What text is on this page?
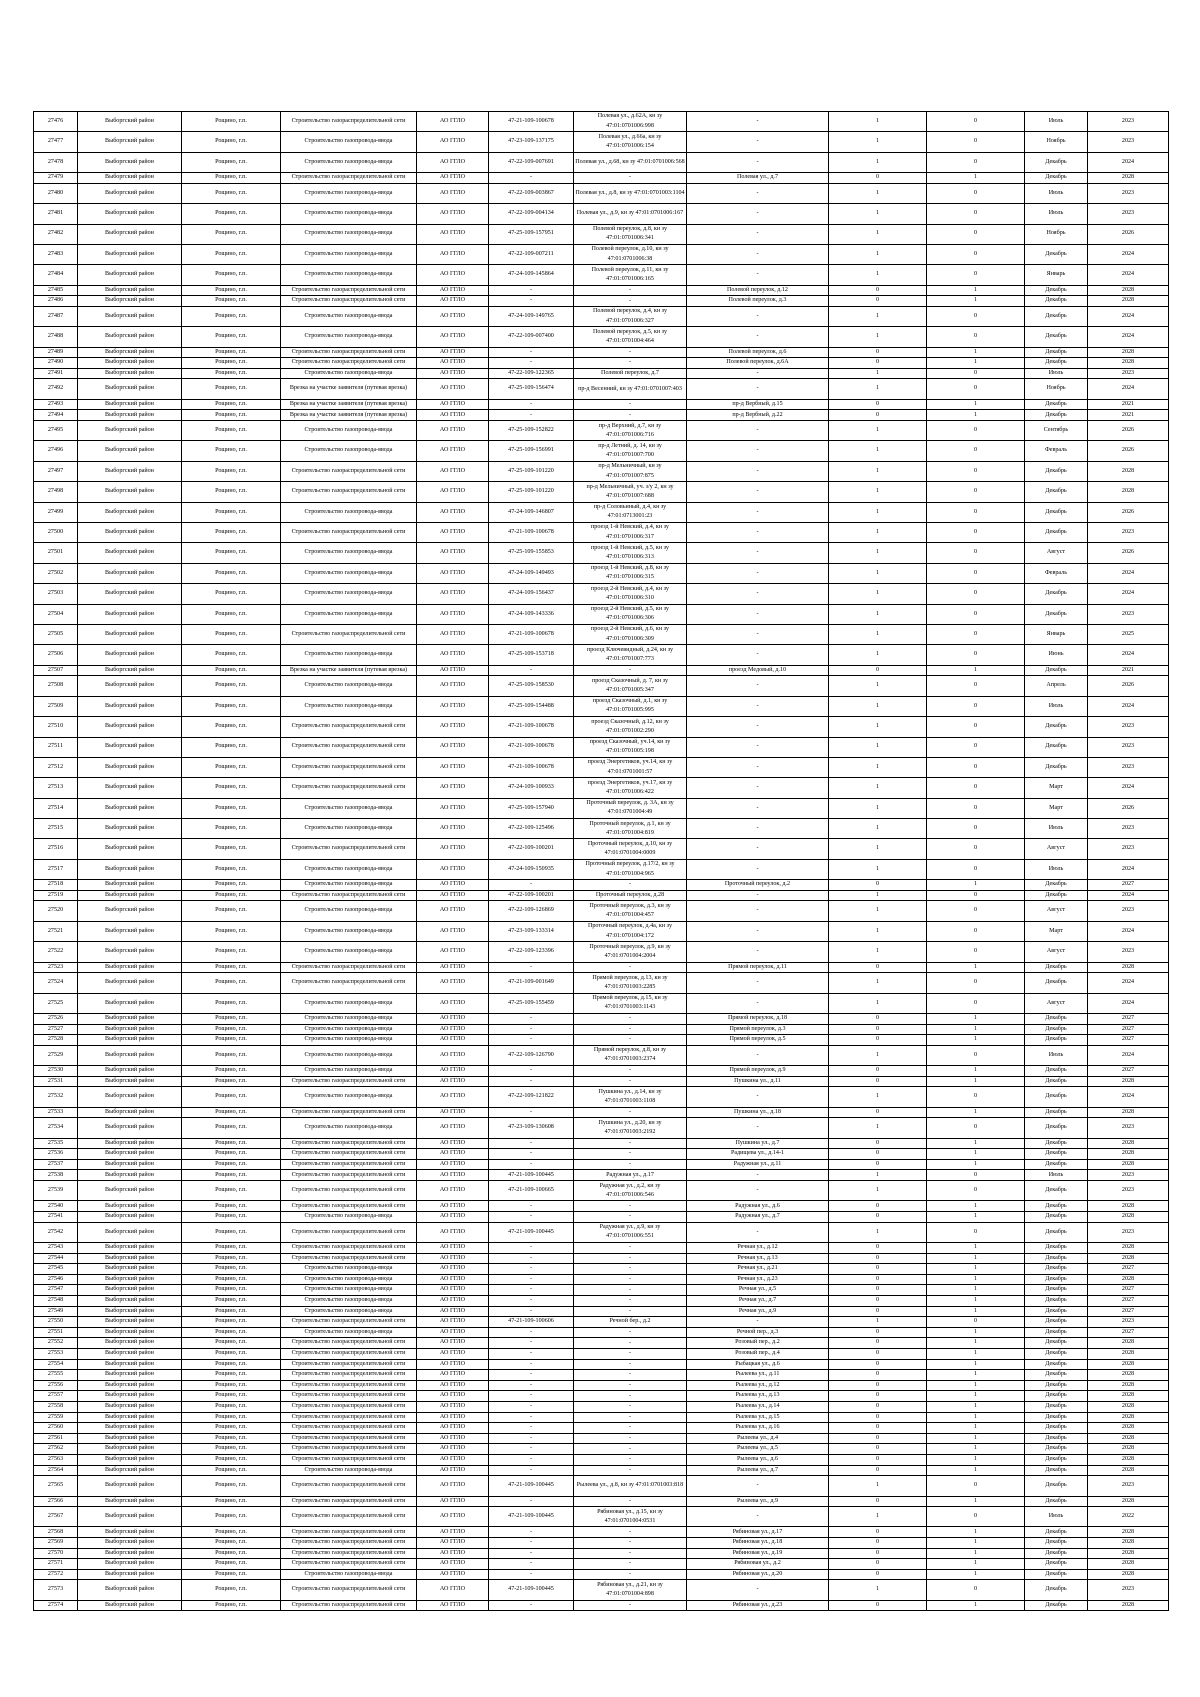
27476	Выборгский район	Рощино, г.п.	Строительство газораспределительной сети	АО ГГЛО	47-21-109-100678	Полевая ул., д.62А, кн зу 47:01:0701006:998	-	1	0	Июль	2023
27477	Выборгский район	Рощино, г.п.	Строительство газопровода-ввода	АО ГГЛО	47-23-109-137175	Полевая ул., д.66а, кн зу 47:01:0701006:154	-	1	0	Ноябрь	2023
27478	Выборгский район	Рощино, г.п.	Строительство газопровода-ввода	АО ГГЛО	47-22-109-007691	Полевая ул., д.68, кн зу 47:01:0701006:568	-	1	0	Декабрь	2024
27479	Выборгский район	Рощино, г.п.	Строительство газораспределительной сети	АО ГГЛО	-	-	Полевая ул., д.7	0	1	Декабрь	2028
27480	Выборгский район	Рощино, г.п.	Строительство газопровода-ввода	АО ГГЛО	47-22-109-003867	Полевая ул., д.8, кн зу 47:01:0701003:1104	-	1	0	Июль	2023
27481	Выборгский район	Рощино, г.п.	Строительство газопровода-ввода	АО ГГЛО	47-22-109-004134	Полевая ул., д.9, кн зу 47:01:0701006:167	-	1	0	Июль	2023
27482	Выборгский район	Рощино, г.п.	Строительство газопровода-ввода	АО ГГЛО	47-25-109-157951	Полевой переулок, д.8, кн зу 47:01:0701006:341	-	1	0	Ноябрь	2026
27483	Выборгский район	Рощино, г.п.	Строительство газопровода-ввода	АО ГГЛО	47-22-109-007211	Полевой переулок, д.10, кн зу 47:01:0701006:38	-	1	0	Декабрь	2024
27484	Выборгский район	Рощино, г.п.	Строительство газопровода-ввода	АО ГГЛО	47-24-109-145864	Полевой переулок, д.11, кн зу 47:01:0701006:165	-	1	0	Январь	2024
27485	Выборгский район	Рощино, г.п.	Строительство газораспределительной сети	АО ГГЛО	-	-	Полевой переулок, д.12	0	1	Декабрь	2028
27486	Выборгский район	Рощино, г.п.	Строительство газораспределительной сети	АО ГГЛО	-	-	Полевой переулок, д.3	0	1	Декабрь	2028
27487	Выборгский район	Рощино, г.п.	Строительство газопровода-ввода	АО ГГЛО	47-24-109-149765	Полевой переулок, д.4, кн зу 47:01:0701006:327	-	1	0	Декабрь	2024
27488	Выборгский район	Рощино, г.п.	Строительство газопровода-ввода	АО ГГЛО	47-22-109-007400	Полевой переулок, д.5, кн зу 47:01:0701004:464	-	1	0	Декабрь	2024
27489	Выборгский район	Рощино, г.п.	Строительство газораспределительной сети	АО ГГЛО	-	-	Полевой переулок, д.6	0	1	Декабрь	2028
27490	Выборгский район	Рощино, г.п.	Строительство газораспределительной сети	АО ГГЛО	-	-	Полевой переулок, д.6А	0	1	Декабрь	2028
27491	Выборгский район	Рощино, г.п.	Строительство газопровода-ввода	АО ГГЛО	47-22-109-122365	Полевой переулок, д.7	-	1	0	Июль	2023
27492	Выборгский район	Рощино, г.п.	Врезка на участке заявителя (путевая врезка)	АО ГГЛО	47-25-109-156474	пр-д Весенний, кн зу 47:01:0701007:403	-	1	0	Ноябрь	2024
27493	Выборгский район	Рощино, г.п.	Врезка на участке заявителя (путевая врезка)	АО ГГЛО	-	-	пр-д Вербный, д.15	0	1	Декабрь	2021
27494	Выборгский район	Рощино, г.п.	Врезка на участке заявителя (путевая врезка)	АО ГГЛО	-	-	пр-д Вербный, д.22	0	1	Декабрь	2021
27495	Выборгский район	Рощино, г.п.	Строительство газопровода-ввода	АО ГГЛО	47-25-109-152822	пр-д Верхний, д.7, кн зу 47:01:0701006:716	-	1	0	Сентябрь	2026
27496	Выборгский район	Рощино, г.п.	Строительство газопровода-ввода	АО ГГЛО	47-25-109-156991	пр-д Летний, д. 14, кн зу 47:01:0701007:700	-	1	0	Февраль	2026
27497	Выборгский район	Рощино, г.п.	Строительство газораспределительной сети	АО ГГЛО	47-25-109-101220	пр-д Мельничный, кн зу 47:01:0701007:875	-	1	0	Декабрь	2028
27498	Выборгский район	Рощино, г.п.	Строительство газораспределительной сети	АО ГГЛО	47-25-109-101220	пр-д Мельничный, уч. з/у 2, кн зу 47:01:0701007:688	-	1	0	Декабрь	2028
27499	Выборгский район	Рощино, г.п.	Строительство газопровода-ввода	АО ГГЛО	47-24-109-146807	пр-д Соловьиный, д.4, кн зу 47:01:0713001:23	-	1	0	Декабрь	2026
27500	Выборгский район	Рощино, г.п.	Строительство газораспределительной сети	АО ГГЛО	47-21-109-100678	проезд 1-й Невский, д.4, кн зу 47:01:0701006:317	-	1	0	Декабрь	2023
27501	Выборгский район	Рощино, г.п.	Строительство газопровода-ввода	АО ГГЛО	47-25-109-155853	проезд 1-й Невский, д.5, кн зу 47:01:0701006:313	-	1	0	Август	2026
27502	Выборгский район	Рощино, г.п.	Строительство газопровода-ввода	АО ГГЛО	47-24-109-149493	проезд 1-й Невский, д.8, кн зу 47:01:0701006:315	-	1	0	Февраль	2024
27503	Выборгский район	Рощино, г.п.	Строительство газопровода-ввода	АО ГГЛО	47-24-109-156437	проезд 2-й Невский, д.4, кн зу 47:01:0701006:310	-	1	0	Декабрь	2024
27504	Выборгский район	Рощино, г.п.	Строительство газопровода-ввода	АО ГГЛО	47-24-109-143336	проезд 2-й Невский, д.5, кн зу 47:01:0701006:306	-	1	0	Декабрь	2023
27505	Выборгский район	Рощино, г.п.	Строительство газораспределительной сети	АО ГГЛО	47-21-109-100678	проезд 2-й Невский, д.6, кн зу 47:01:0701006:309	-	1	0	Январь	2025
27506	Выборгский район	Рощино, г.п.	Строительство газопровода-ввода	АО ГГЛО	47-25-109-153718	проезд Ключевидный, д.24, кн зу 47:01:0701007:773	-	1	0	Июнь	2024
27507	Выборгский район	Рощино, г.п.	Врезка на участке заявителя (путевая врезка)	АО ГГЛО	-	-	проезд Медовый, д.10	0	1	Декабрь	2021
27508	Выборгский район	Рощино, г.п.	Строительство газопровода-ввода	АО ГГЛО	47-25-109-158530	проезд Сказочный, д. 7, кн зу 47:01:0701005:347	-	1	0	Апрель	2026
27509	Выборгский район	Рощино, г.п.	Строительство газопровода-ввода	АО ГГЛО	47-25-109-154488	проезд Сказочный, д.1, кн зу 47:01:0701005:995	-	1	0	Июль	2024
27510	Выборгский район	Рощино, г.п.	Строительство газораспределительной сети	АО ГГЛО	47-21-109-100678	проезд Сказочный, д.12, кн зу 47:01:0701002:290	-	1	0	Декабрь	2023
27511	Выборгский район	Рощино, г.п.	Строительство газораспределительной сети	АО ГГЛО	47-21-109-100678	проезд Сказочный, уч.14, кн зу 47:01:0701005:198	-	1	0	Декабрь	2023
27512	Выборгский район	Рощино, г.п.	Строительство газораспределительной сети	АО ГГЛО	47-21-109-100678	проезд Энергетиков, уч.14, кн зу 47:01:0701001:57	-	1	0	Декабрь	2023
27513	Выборгский район	Рощино, г.п.	Строительство газораспределительной сети	АО ГГЛО	47-24-109-100933	проезд Энергетиков, уч.17, кн зу 47:01:0701006:422	-	1	0	Март	2024
27514	Выборгский район	Рощино, г.п.	Строительство газопровода-ввода	АО ГГЛО	47-25-109-157940	Проточный переулок, д. 3А, кн зу 47:01:0701004:49	-	1	0	Март	2026
27515	Выборгский район	Рощино, г.п.	Строительство газопровода-ввода	АО ГГЛО	47-22-109-125496	Проточный переулок, д.1, кн зу 47:01:0701004:819	-	1	0	Июль	2023
27516	Выборгский район	Рощино, г.п.	Строительство газораспределительной сети	АО ГГЛО	47-22-109-100201	Проточный переулок, д.10, кн зу 47:01:0701004:0009	-	1	0	Август	2023
27517	Выборгский район	Рощино, г.п.	Строительство газопровода-ввода	АО ГГЛО	47-24-109-150935	Проточный переулок, д.17/2, кн зу 47:01:0701004:965	-	1	0	Июль	2024
27518	Выборгский район	Рощино, г.п.	Строительство газопровода-ввода	АО ГГЛО	-	-	Проточный переулок, д.2	0	1	Декабрь	2027
27519	Выборгский район	Рощино, г.п.	Строительство газораспределительной сети	АО ГГЛО	47-22-109-100201	Проточный переулок, д.28	-	1	0	Декабрь	2024
27520	Выборгский район	Рощино, г.п.	Строительство газопровода-ввода	АО ГГЛО	47-22-109-126869	Проточный переулок, д.3, кн зу 47:01:0701004:457	-	1	0	Август	2023
27521	Выборгский район	Рощино, г.п.	Строительство газопровода-ввода	АО ГГЛО	47-23-109-133314	Проточный переулок, д.4а, кн зу 47:01:0701004:172	-	1	0	Март	2024
27522	Выборгский район	Рощино, г.п.	Строительство газопровода-ввода	АО ГГЛО	47-22-109-123396	Проточный переулок, д.9, кн зу 47:01:0701004:2004	-	1	0	Август	2023
27523	Выборгский район	Рощино, г.п.	Строительство газораспределительной сети	АО ГГЛО	-	-	Прямой переулок, д.11	0	1	Декабрь	2028
27524	Выборгский район	Рощино, г.п.	Строительство газораспределительной сети	АО ГГЛО	47-21-109-001649	Прямой переулок, д.13, кн зу 47:01:0701003:2285	-	1	0	Декабрь	2024
27525	Выборгский район	Рощино, г.п.	Строительство газопровода-ввода	АО ГГЛО	47-25-109-155459	Прямой переулок, д.15, кн зу 47:01:0701003:1143	-	1	0	Август	2024
27526	Выборгский район	Рощино, г.п.	Строительство газопровода-ввода	АО ГГЛО	-	-	Прямой переулок, д.18	0	1	Декабрь	2027
27527	Выборгский район	Рощино, г.п.	Строительство газопровода-ввода	АО ГГЛО	-	-	Прямой переулок, д.3	0	1	Декабрь	2027
27528	Выборгский район	Рощино, г.п.	Строительство газопровода-ввода	АО ГГЛО	-	-	Прямой переулок, д.5	0	1	Декабрь	2027
27529	Выборгский район	Рощино, г.п.	Строительство газопровода-ввода	АО ГГЛО	47-22-109-126790	Прямой переулок, д.8, кн зу 47:01:0701003:2374	-	1	0	Июль	2024
27530	Выборгский район	Рощино, г.п.	Строительство газопровода-ввода	АО ГГЛО	-	-	Прямой переулок, д.9	0	1	Декабрь	2027
27531	Выборгский район	Рощино, г.п.	Строительство газораспределительной сети	АО ГГЛО	-	-	Пушкина ул., д.11	0	1	Декабрь	2028
27532	Выборгский район	Рощино, г.п.	Строительство газопровода-ввода	АО ГГЛО	47-22-109-121822	Пушкина ул., д.14, кн зу 47:01:0701003:1108	-	1	0	Декабрь	2024
27533	Выборгский район	Рощино, г.п.	Строительство газораспределительной сети	АО ГГЛО	-	-	Пушкина ул., д.18	0	1	Декабрь	2028
27534	Выборгский район	Рощино, г.п.	Строительство газопровода-ввода	АО ГГЛО	47-23-109-130608	Пушкина ул., д.20, кн зу 47:01:0701003:2192	-	1	0	Декабрь	2023
27535	Выборгский район	Рощино, г.п.	Строительство газораспределительной сети	АО ГГЛО	-	-	Пушкина ул., д.7	0	1	Декабрь	2028
27536	Выборгский район	Рощино, г.п.	Строительство газораспределительной сети	АО ГГЛО	-	-	Радищева ул., д.14-1	0	1	Декабрь	2028
27537	Выборгский район	Рощино, г.п.	Строительство газораспределительной сети	АО ГГЛО	-	-	Радужная ул., д.11	0	1	Декабрь	2028
27538	Выборгский район	Рощино, г.п.	Строительство газораспределительной сети	АО ГГЛО	47-21-109-100445	Радужная ул., д.17	-	1	0	Июль	2023
27539	Выборгский район	Рощино, г.п.	Строительство газораспределительной сети	АО ГГЛО	47-21-109-100665	Радужная ул., д.2, кн зу 47:01:0701006:546	-	1	0	Декабрь	2023
27540	Выборгский район	Рощино, г.п.	Строительство газораспределительной сети	АО ГГЛО	-	-	Радужная ул., д.6	0	1	Декабрь	2028
27541	Выборгский район	Рощино, г.п.	Строительство газопровода-ввода	АО ГГЛО	-	-	Радужная ул., д.7	0	1	Декабрь	2028
27542	Выборгский район	Рощино, г.п.	Строительство газораспределительной сети	АО ГГЛО	47-21-109-100445	Радужная ул., д.9, кн зу 47:01:0701006:551	-	1	0	Декабрь	2023
27543	Выборгский район	Рощино, г.п.	Строительство газораспределительной сети	АО ГГЛО	-	-	Речная ул., д.12	0	1	Декабрь	2028
27544	Выборгский район	Рощино, г.п.	Строительство газораспределительной сети	АО ГГЛО	-	-	Речная ул., д.13	0	1	Декабрь	2028
27545	Выборгский район	Рощино, г.п.	Строительство газопровода-ввода	АО ГГЛО	-	-	Речная ул., д.21	0	1	Декабрь	2027
27546	Выборгский район	Рощино, г.п.	Строительство газопровода-ввода	АО ГГЛО	-	-	Речная ул., д.23	0	1	Декабрь	2028
27547	Выборгский район	Рощино, г.п.	Строительство газопровода-ввода	АО ГГЛО	-	-	Речная ул., д.5	0	1	Декабрь	2027
27548	Выборгский район	Рощино, г.п.	Строительство газопровода-ввода	АО ГГЛО	-	-	Речная ул., д.7	0	1	Декабрь	2027
27549	Выборгский район	Рощино, г.п.	Строительство газопровода-ввода	АО ГГЛО	-	-	Речная ул., д.9	0	1	Декабрь	2027
27550	Выборгский район	Рощино, г.п.	Строительство газораспределительной сети	АО ГГЛО	47-21-109-100606	Речной бер., д.2	-	1	0	Декабрь	2023
27551	Выборгский район	Рощино, г.п.	Строительство газопровода-ввода	АО ГГЛО	-	-	Речной пер., д.3	0	1	Декабрь	2027
27552	Выборгский район	Рощино, г.п.	Строительство газораспределительной сети	АО ГГЛО	-	-	Розовый пер., д.2	0	1	Декабрь	2028
27553	Выборгский район	Рощино, г.п.	Строительство газораспределительной сети	АО ГГЛО	-	-	Розовый пер., д.4	0	1	Декабрь	2028
27554	Выборгский район	Рощино, г.п.	Строительство газораспределительной сети	АО ГГЛО	-	-	Рыбацкая ул., д.6	0	1	Декабрь	2028
27555	Выборгский район	Рощино, г.п.	Строительство газораспределительной сети	АО ГГЛО	-	-	Рылеева ул., д.11	0	1	Декабрь	2028
27556	Выборгский район	Рощино, г.п.	Строительство газораспределительной сети	АО ГГЛО	-	-	Рылеева ул., д.12	0	1	Декабрь	2028
27557	Выборгский район	Рощино, г.п.	Строительство газораспределительной сети	АО ГГЛО	-	-	Рылеева ул., д.13	0	1	Декабрь	2028
27558	Выборгский район	Рощино, г.п.	Строительство газораспределительной сети	АО ГГЛО	-	-	Рылеева ул., д.14	0	1	Декабрь	2028
27559	Выборгский район	Рощино, г.п.	Строительство газораспределительной сети	АО ГГЛО	-	-	Рылеева ул., д.15	0	1	Декабрь	2028
27560	Выборгский район	Рощино, г.п.	Строительство газораспределительной сети	АО ГГЛО	-	-	Рылеева ул., д.16	0	1	Декабрь	2028
27561	Выборгский район	Рощино, г.п.	Строительство газораспределительной сети	АО ГГЛО	-	-	Рылеева ул., д.4	0	1	Декабрь	2028
27562	Выборгский район	Рощино, г.п.	Строительство газораспределительной сети	АО ГГЛО	-	-	Рылеева ул., д.5	0	1	Декабрь	2028
27563	Выборгский район	Рощино, г.п.	Строительство газораспределительной сети	АО ГГЛО	-	-	Рылеева ул., д.6	0	1	Декабрь	2028
27564	Выборгский район	Рощино, г.п.	Строительство газопровода-ввода	АО ГГЛО	-	-	Рылеева ул., д.7	0	1	Декабрь	2028
27565	Выборгский район	Рощино, г.п.	Строительство газораспределительной сети	АО ГГЛО	47-21-109-100445	Рылеева ул., д.8, кн зу 47:01:0701003:818	-	1	0	Декабрь	2023
27566	Выборгский район	Рощино, г.п.	Строительство газораспределительной сети	АО ГГЛО	-	-	Рылеева ул., д.9	0	1	Декабрь	2028
27567	Выборгский район	Рощино, г.п.	Строительство газораспределительной сети	АО ГГЛО	47-21-109-100445	Рябиновая ул., д.15, кн зу 47:01:0701004:0531	-	1	0	Июль	2022
27568	Выборгский район	Рощино, г.п.	Строительство газораспределительной сети	АО ГГЛО	-	-	Рябиновая ул., д.17	0	1	Декабрь	2028
27569	Выборгский район	Рощино, г.п.	Строительство газораспределительной сети	АО ГГЛО	-	-	Рябиновая ул., д.18	0	1	Декабрь	2028
27570	Выборгский район	Рощино, г.п.	Строительство газораспределительной сети	АО ГГЛО	-	-	Рябиновая ул., д.19	0	1	Декабрь	2028
27571	Выборгский район	Рощино, г.п.	Строительство газораспределительной сети	АО ГГЛО	-	-	Рябиновая ул., д.2	0	1	Декабрь	2028
27572	Выборгский район	Рощино, г.п.	Строительство газопровода-ввода	АО ГГЛО	-	-	Рябиновая ул., д.20	0	1	Декабрь	2028
27573	Выборгский район	Рощино, г.п.	Строительство газораспределительной сети	АО ГГЛО	47-21-109-100445	Рябиновая ул., д.21, кн зу 47:01:0701004:898	-	1	0	Декабрь	2023
27574	Выборгский район	Рощино, г.п.	Строительство газораспределительной сети	АО ГГЛО	-	-	Рябиновая ул., д.23	0	1	Декабрь	2028
